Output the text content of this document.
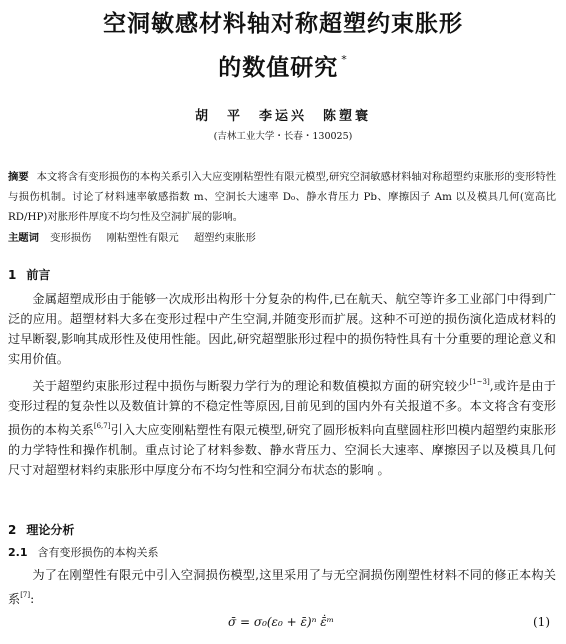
空洞敏感材料轴对称超塑约束胀形
的数值研究 *
胡　平　李运兴　陈塑寰
(吉林工业大学・长春・130025)
摘要 本文将含有变形损伤的本构关系引入大应变刚粘塑性有限元模型,研究空洞敏感材料轴对称超塑约束胀形的变形特性与损伤机制。讨论了材料速率敏感指数 m、空洞长大速率 D₀、静水背压力 Pb、摩擦因子 Am 以及模具几何(宽高比 RD/HP)对胀形件厚度不均匀性及空洞扩展的影响。
主题词 变形损伤 刚粘塑性有限元 超塑约束胀形
1 前言
金属超塑成形由于能够一次成形出构形十分复杂的构件,已在航天、航空等许多工业部门中得到广泛的应用。超塑材料大多在变形过程中产生空洞,并随变形而扩展。这种不可逆的损伤演化造成材料的过早断裂,影响其成形性及使用性能。因此,研究超塑胀形过程中的损伤特性具有十分重要的理论意义和实用价值。
关于超塑约束胀形过程中损伤与断裂力学行为的理论和数值模拟方面的研究较少[1~3],或许是由于变形过程的复杂性以及数值计算的不稳定性等原因,目前见到的国内外有关报道不多。本文将含有变形损伤的本构关系[6,7]引入大应变刚粘塑性有限元模型,研究了圆形板料向直壁圆柱形凹模内超塑约束胀形的力学特性和操作机制。重点讨论了材料参数、静水背压力、空洞长大速率、摩擦因子以及模具几何尺寸对超塑材料约束胀形中厚度分布不均匀性和空洞分布状态的影响 。
2 理论分析
2.1 含有变形损伤的本构关系
为了在刚塑性有限元中引入空洞损伤模型,这里采用了与无空洞损伤刚塑性材料不同的修正本构关系[7]:
σ̄ = σ₀(ε₀ + ε̄)ⁿ ε̄̇ᵐ	(1)
